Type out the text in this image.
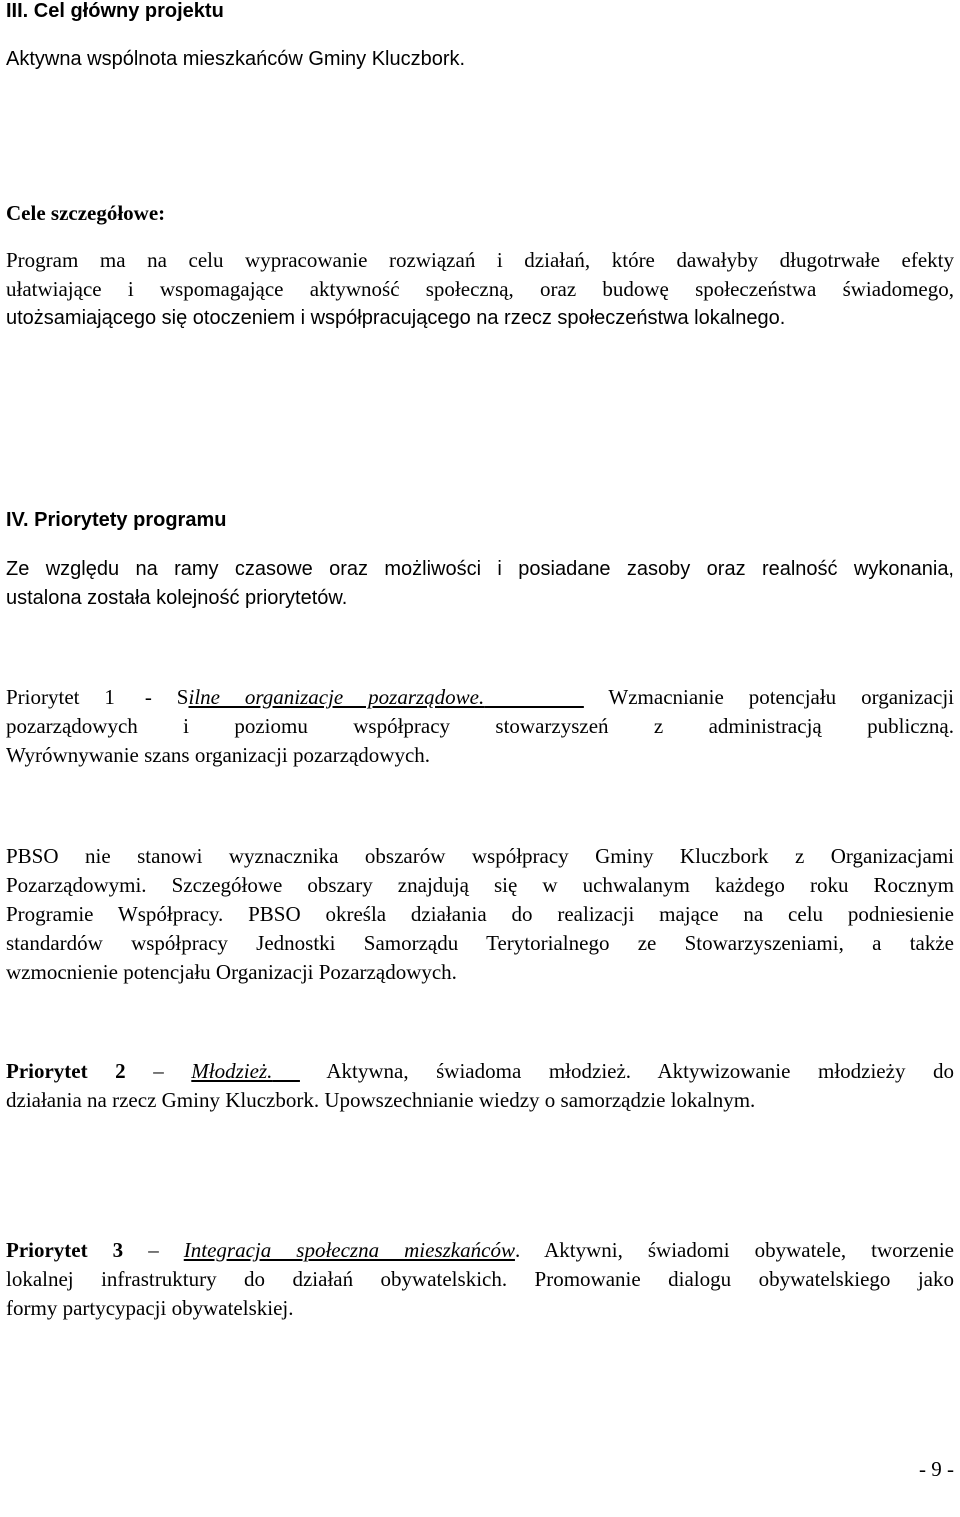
III. Cel główny projektu
Aktywna wspólnota mieszkańców Gminy Kluczbork.
Cele szczegółowe:
Program ma na celu wypracowanie rozwiązań i działań, które dawałyby długotrwałe efekty
ułatwiające i wspomagające aktywność społeczną, oraz budowę społeczeństwa świadomego,
utożsamiającego się otoczeniem i współpracującego na rzecz społeczeństwa lokalnego.
IV. Priorytety programu
Ze względu na ramy czasowe oraz możliwości i posiadane zasoby oraz realność wykonania,
ustalona została kolejność priorytetów.
Priorytet 1 - Silne organizacje pozarządowe.	Wzmacnianie potencjału organizacji
pozarządowych i poziomu współpracy stowarzyszeń z administracją publiczną.
Wyrównywanie szans organizacji pozarządowych.
PBSO nie stanowi wyznacznika obszarów współpracy Gminy Kluczbork z Organizacjami
Pozarządowymi. Szczegółowe obszary znajdują się w uchwalanym każdego roku Rocznym
Programie Współpracy. PBSO określa działania do realizacji mające na celu podniesienie
standardów współpracy Jednostki Samorządu Terytorialnego ze Stowarzyszeniami, a także
wzmocnienie potencjału Organizacji Pozarządowych.
Priorytet 2 – Młodzież.	Aktywna, świadoma młodzież. Aktywizowanie młodzieży do
działania na rzecz Gminy Kluczbork. Upowszechnianie wiedzy o samorządzie lokalnym.
Priorytet 3 – Integracja społeczna mieszkańców. Aktywni, świadomi obywatele, tworzenie
lokalnej infrastruktury do działań obywatelskich. Promowanie dialogu obywatelskiego jako
formy partycypacji obywatelskiej.
- 9 -
